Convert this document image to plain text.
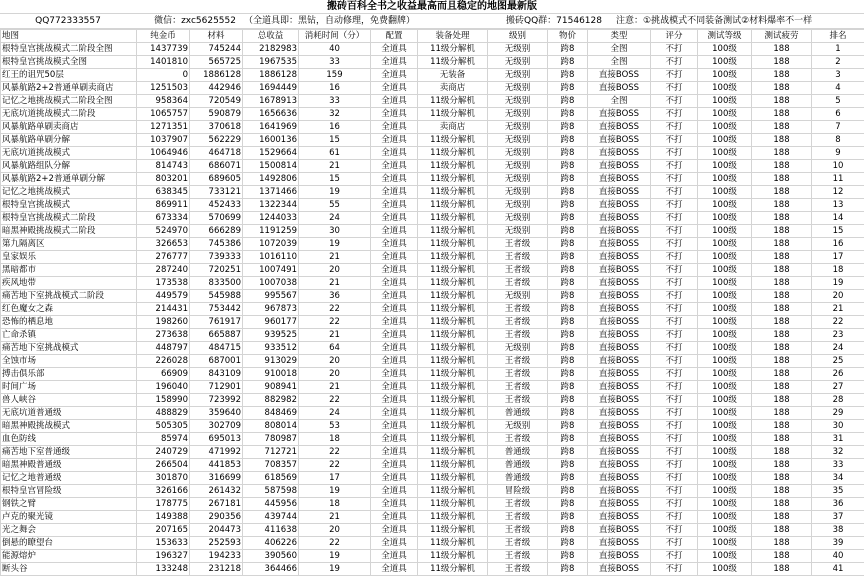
搬砖百科全书之收益最高而且稳定的地图最新版
QQ772333557	微信：zxc5625552 （全道具即：黑钻，自动修理，免费翻牌）	搬砖QQ群：71546128	注意：①挑战模式不同装备测试②材料爆率不一样
地图	纯金币	材料	总收益	消耗时间（分）	配置	装备处理	级别	物价	类型	评分	测试等级	测试疲劳	排名
根特皇宫挑战模式二阶段全图	1437739	745244	2182983	40	全道具	11级分解机	无级别	跨8	全图	不打	100级	188	1
根特皇宫挑战模式全图	1401810	565725	1967535	33	全道具	11级分解机	无级别	跨8	全图	不打	100级	188	2
红王的诅咒50层	0	1886128	1886128	159	全道具	无装备	无级别	跨8	直接BOSS	不打	100级	188	3
风暴航路2+2普通单刷卖商店	1251503	442946	1694449	16	全道具	卖商店	无级别	跨8	直接BOSS	不打	100级	188	4
记忆之地挑战模式二阶段全图	958364	720549	1678913	33	全道具	11级分解机	无级别	跨8	全图	不打	100级	188	5
无底坑道挑战模式二阶段	1065757	590879	1656636	32	全道具	11级分解机	无级别	跨8	直接BOSS	不打	100级	188	6
风暴航路单刷卖商店	1271351	370618	1641969	16	全道具	卖商店	无级别	跨8	直接BOSS	不打	100级	188	7
风暴航路单刷分解	1037907	562229	1600136	15	全道具	11级分解机	无级别	跨8	直接BOSS	不打	100级	188	8
无底坑道挑战模式	1064946	464718	1529664	61	全道具	11级分解机	无级别	跨8	直接BOSS	不打	100级	188	9
风暴航路组队分解	814743	686071	1500814	21	全道具	11级分解机	无级别	跨8	直接BOSS	不打	100级	188	10
风暴航路2+2普通单刷分解	803201	689605	1492806	15	全道具	11级分解机	无级别	跨8	直接BOSS	不打	100级	188	11
记忆之地挑战模式	638345	733121	1371466	19	全道具	11级分解机	无级别	跨8	直接BOSS	不打	100级	188	12
根特皇宫挑战模式	869911	452433	1322344	55	全道具	11级分解机	无级别	跨8	直接BOSS	不打	100级	188	13
根特皇宫挑战模式二阶段	673334	570699	1244033	24	全道具	11级分解机	无级别	跨8	直接BOSS	不打	100级	188	14
暗黑神殿挑战模式二阶段	524970	666289	1191259	30	全道具	11级分解机	无级别	跨8	直接BOSS	不打	100级	188	15
第九隔离区	326653	745386	1072039	19	全道具	11级分解机	王者级	跨8	直接BOSS	不打	100级	188	16
皇家娱乐	276777	739333	1016110	21	全道具	11级分解机	王者级	跨8	直接BOSS	不打	100级	188	17
黑暗都市	287240	720251	1007491	20	全道具	11级分解机	王者级	跨8	直接BOSS	不打	100级	188	18
疾风地带	173538	833500	1007038	21	全道具	11级分解机	王者级	跨8	直接BOSS	不打	100级	188	19
痛苦地下室挑战模式二阶段	449579	545988	995567	36	全道具	11级分解机	无级别	跨8	直接BOSS	不打	100级	188	20
红色魔女之森	214431	753442	967873	22	全道具	11级分解机	王者级	跨8	直接BOSS	不打	100级	188	21
恐怖的栖息地	198260	761917	960177	22	全道具	11级分解机	王者级	跨8	直接BOSS	不打	100级	188	22
亡命杀镇	273638	665887	939525	21	全道具	11级分解机	王者级	跨8	直接BOSS	不打	100级	188	23
痛苦地下室挑战模式	448797	484715	933512	64	全道具	11级分解机	无级别	跨8	直接BOSS	不打	100级	188	24
全蚀市场	226028	687001	913029	20	全道具	11级分解机	王者级	跨8	直接BOSS	不打	100级	188	25
搏击俱乐部	66909	843109	910018	20	全道具	11级分解机	王者级	跨8	直接BOSS	不打	100级	188	26
时间广场	196040	712901	908941	21	全道具	11级分解机	王者级	跨8	直接BOSS	不打	100级	188	27
兽人峡谷	158990	723992	882982	22	全道具	11级分解机	王者级	跨8	直接BOSS	不打	100级	188	28
无底坑道普通级	488829	359640	848469	24	全道具	11级分解机	普通级	跨8	直接BOSS	不打	100级	188	29
暗黑神殿挑战模式	505305	302709	808014	53	全道具	11级分解机	无级别	跨8	直接BOSS	不打	100级	188	30
血色防线	85974	695013	780987	18	全道具	11级分解机	王者级	跨8	直接BOSS	不打	100级	188	31
痛苦地下室普通级	240729	471992	712721	22	全道具	11级分解机	普通级	跨8	直接BOSS	不打	100级	188	32
暗黑神殿普通级	266504	441853	708357	22	全道具	11级分解机	普通级	跨8	直接BOSS	不打	100级	188	33
记忆之地普通级	301870	316699	618569	17	全道具	11级分解机	普通级	跨8	直接BOSS	不打	100级	188	34
根特皇宫冒险级	326166	261432	587598	19	全道具	11级分解机	冒险级	跨8	直接BOSS	不打	100级	188	35
钢铁之臂	178775	267181	445956	18	全道具	11级分解机	王者级	跨8	直接BOSS	不打	100级	188	36
卢克的聚光镜	149388	290356	439744	21	全道具	11级分解机	王者级	跨8	直接BOSS	不打	100级	188	37
光之舞会	207165	204473	411638	20	全道具	11级分解机	王者级	跨8	直接BOSS	不打	100级	188	38
倒悬的瞭望台	153633	252593	406226	22	全道具	11级分解机	王者级	跨8	直接BOSS	不打	100级	188	39
能源熔炉	196327	194233	390560	19	全道具	11级分解机	王者级	跨8	直接BOSS	不打	100级	188	40
断头谷	133248	231218	364466	19	全道具	11级分解机	王者级	跨8	直接BOSS	不打	100级	188	41
